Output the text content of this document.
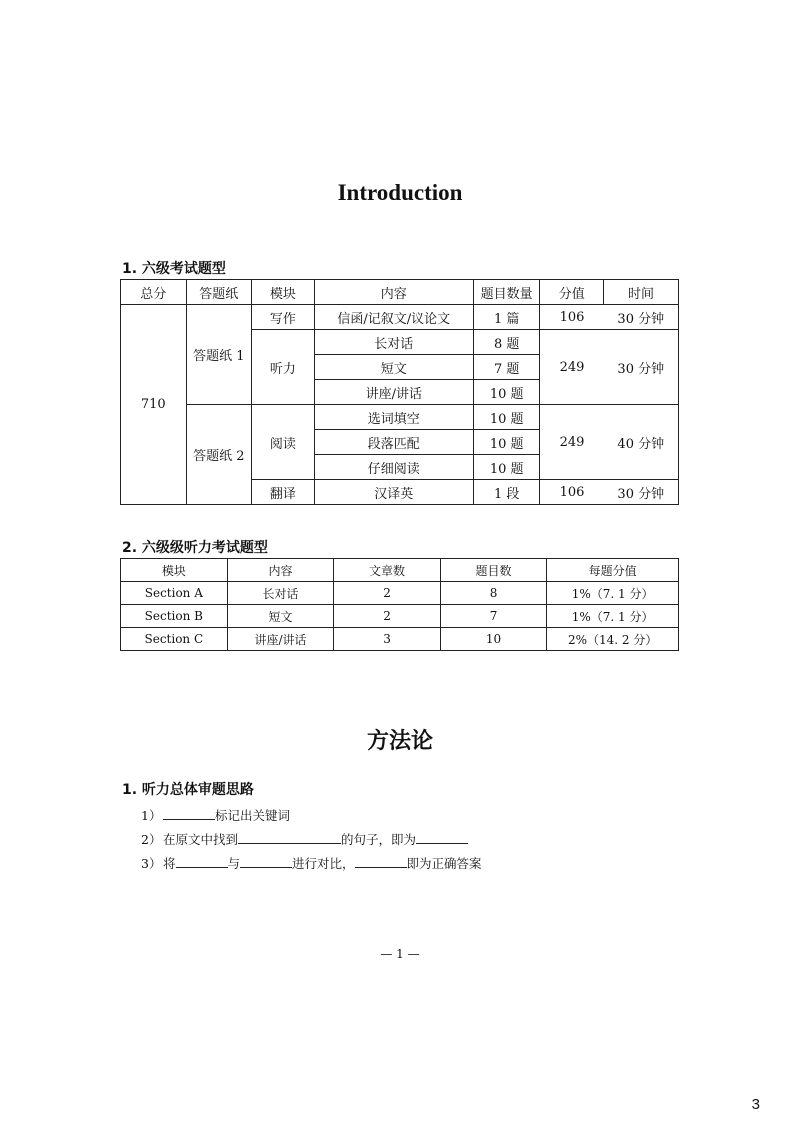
Introduction
1. 六级考试题型
总分	答题纸	模块	内容	题目数量	分值	时间
710	答题纸 1	写作	信函/记叙文/议论文	1 篇	106	30 分钟
		听力	长对话	8 题	249	30 分钟
			短文	7 题		
			讲座/讲话	10 题		
	答题纸 2	阅读	选词填空	10 题	249	40 分钟
			段落匹配	10 题		
			仔细阅读	10 题		
		翻译	汉译英	1 段	106	30 分钟
2. 六级级听力考试题型
模块	内容	文章数	题目数	每题分值
Section A	长对话	2	8	1%（7. 1 分）
Section B	短文	2	7	1%（7. 1 分）
Section C	讲座/讲话	3	10	2%（14. 2 分）
方法论
1. 听力总体审题思路
1）	标记出关键词
2） 在原文中找到	的句子，即为
3） 将	与	进行对比，	即为正确答案
— 1 —
3
